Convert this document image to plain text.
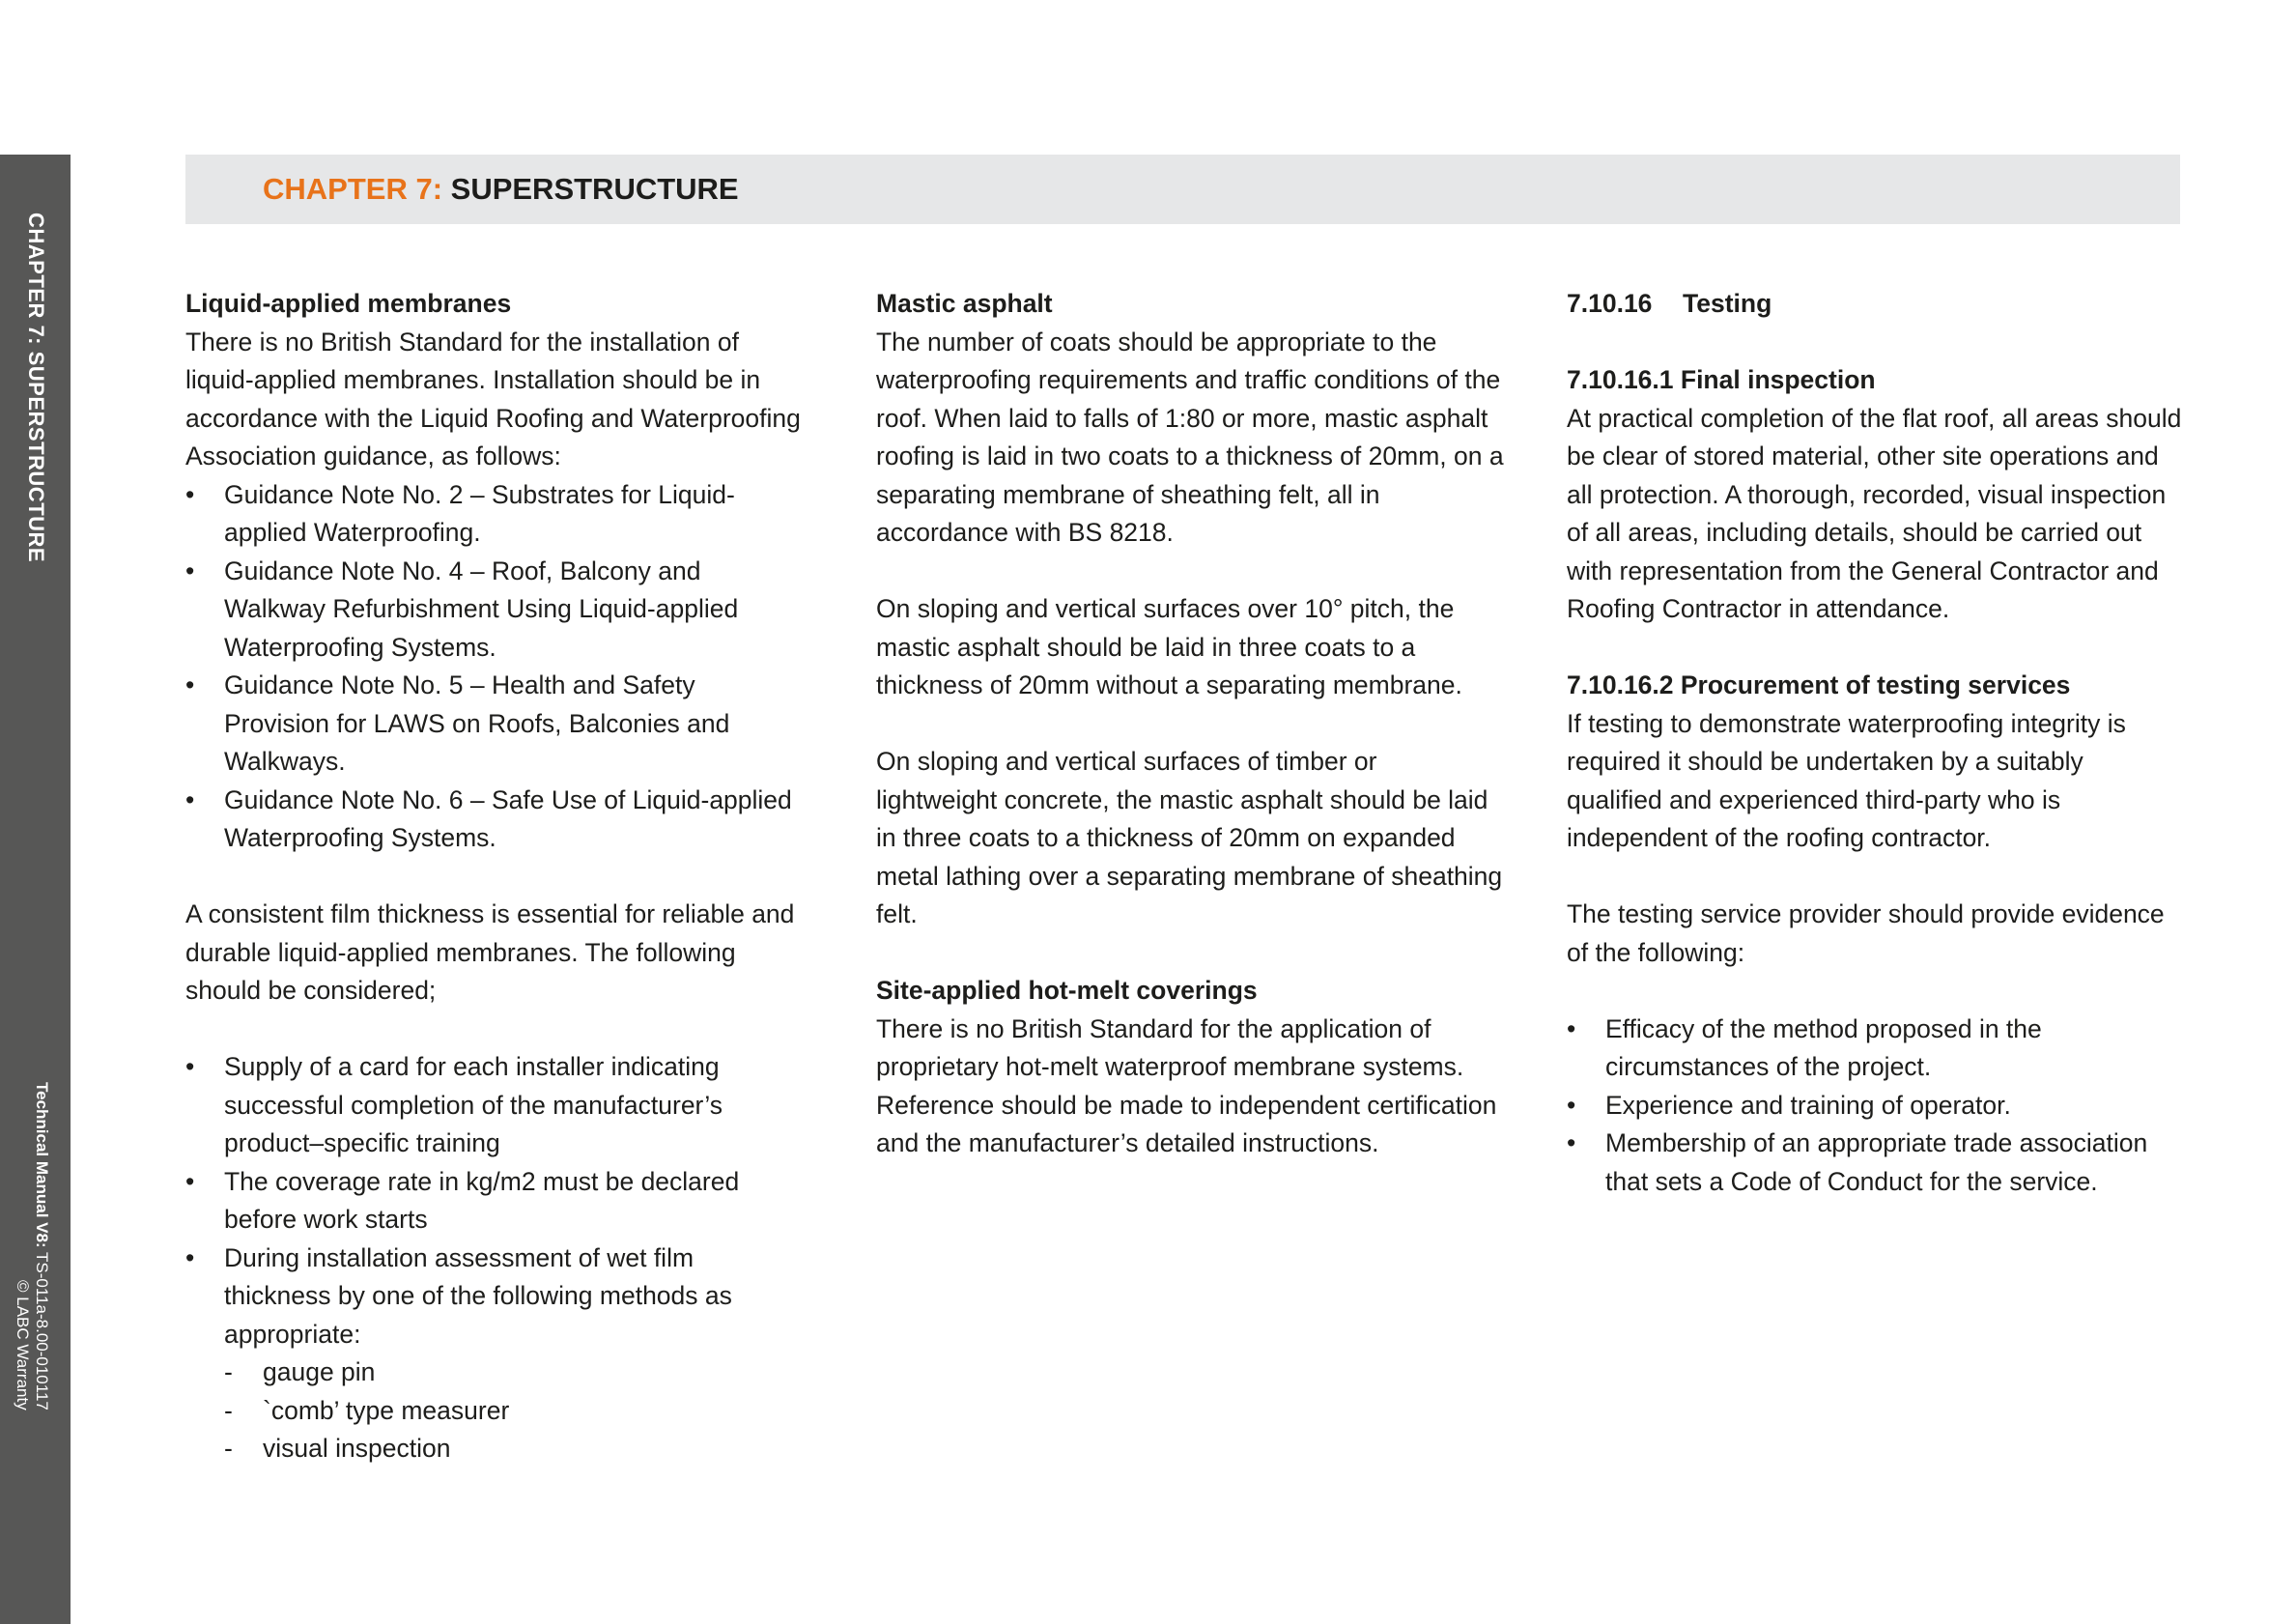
CHAPTER 7: SUPERSTRUCTURE
Technical Manual V8: TS-011a-8.00-010117
© LABC Warranty
CHAPTER 7: SUPERSTRUCTURE

Liquid-applied membranes

There is no British Standard for the installation of liquid-applied membranes. Installation should be in accordance with the Liquid Roofing and Waterproofing Association guidance, as follows:

• Guidance Note No. 2 – Substrates for Liquid-applied Waterproofing.
• Guidance Note No. 4 – Roof, Balcony and Walkway Refurbishment Using Liquid-applied Waterproofing Systems.
• Guidance Note No. 5 – Health and Safety Provision for LAWS on Roofs, Balconies and Walkways.
• Guidance Note No. 6 – Safe Use of Liquid-applied Waterproofing Systems.

A consistent film thickness is essential for reliable and durable liquid-applied membranes. The following should be considered;

• Supply of a card for each installer indicating successful completion of the manufacturer’s product–specific training
• The coverage rate in kg/m2 must be declared before work starts
• During installation assessment of wet film thickness by one of the following methods as appropriate:
- gauge pin
- `comb’ type measurer
- visual inspection

Mastic asphalt

The number of coats should be appropriate to the waterproofing requirements and traffic conditions of the roof. When laid to falls of 1:80 or more, mastic asphalt roofing is laid in two coats to a thickness of 20mm, on a separating membrane of sheathing felt, all in accordance with BS 8218.

On sloping and vertical surfaces over 10° pitch, the mastic asphalt should be laid in three coats to a thickness of 20mm without a separating membrane.

On sloping and vertical surfaces of timber or lightweight concrete, the mastic asphalt should be laid in three coats to a thickness of 20mm on expanded metal lathing over a separating membrane of sheathing felt.

Site-applied hot-melt coverings

There is no British Standard for the application of proprietary hot-melt waterproof membrane systems. Reference should be made to independent certification and the manufacturer’s detailed instructions.

7.10.16 Testing

7.10.16.1 Final inspection

At practical completion of the flat roof, all areas should be clear of stored material, other site operations and all protection. A thorough, recorded, visual inspection of all areas, including details, should be carried out with representation from the General Contractor and Roofing Contractor in attendance.

7.10.16.2 Procurement of testing services

If testing to demonstrate waterproofing integrity is required it should be undertaken by a suitably qualified and experienced third-party who is independent of the roofing contractor.

The testing service provider should provide evidence of the following:

• Efficacy of the method proposed in the circumstances of the project.
• Experience and training of operator.
• Membership of an appropriate trade association that sets a Code of Conduct for the service.
